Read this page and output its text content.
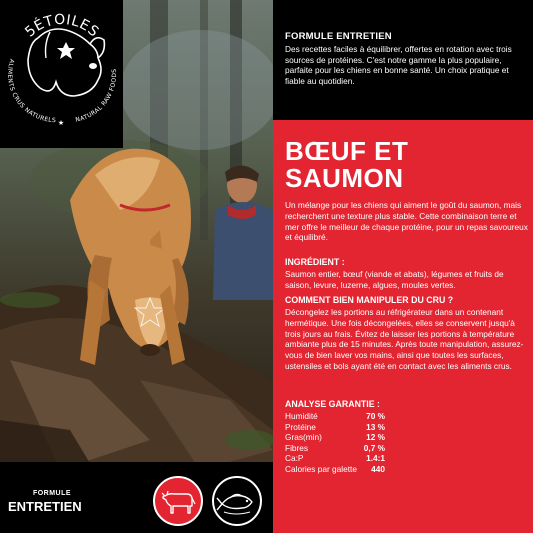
5ÉTOILES
ALIMENTS CRUS NATURELS	NATURAL RAW FOODS
★
FORMULE
ENTRETIEN
FORMULE ENTRETIEN
Des recettes faciles à équilibrer, offertes en rotation avec trois sources de protéines. C'est notre gamme la plus populaire, parfaite pour les chiens en bonne santé. Un choix pratique et fiable au quotidien.
BŒUF ET SAUMON
Un mélange pour les chiens qui aiment le goût du saumon, mais recherchent une texture plus stable. Cette combinaison terre et mer offre le meilleur de chaque protéine, pour un repas savoureux et équilibré.
INGRÉDIENT :
Saumon entier, bœuf (viande et abats), légumes et fruits de saison, levure, luzerne, algues, moules vertes.
COMMENT BIEN MANIPULER DU CRU ?
Décongelez les portions au réfrigérateur dans un contenant hermétique. Une fois décongelées, elles se conservent jusqu'à trois jours au frais. Évitez de laisser les portions à température ambiante plus de 15 minutes. Après toute manipulation, assurez-vous de bien laver vos mains, ainsi que toutes les surfaces, ustensiles et bols ayant été en contact avec les aliments crus.
ANALYSE GARANTIE :
Humidité	70 %
Protéine	13 %
Gras(min)	12 %
Fibres	0,7 %
Ca:P	1.4:1
Calories par galette 440
